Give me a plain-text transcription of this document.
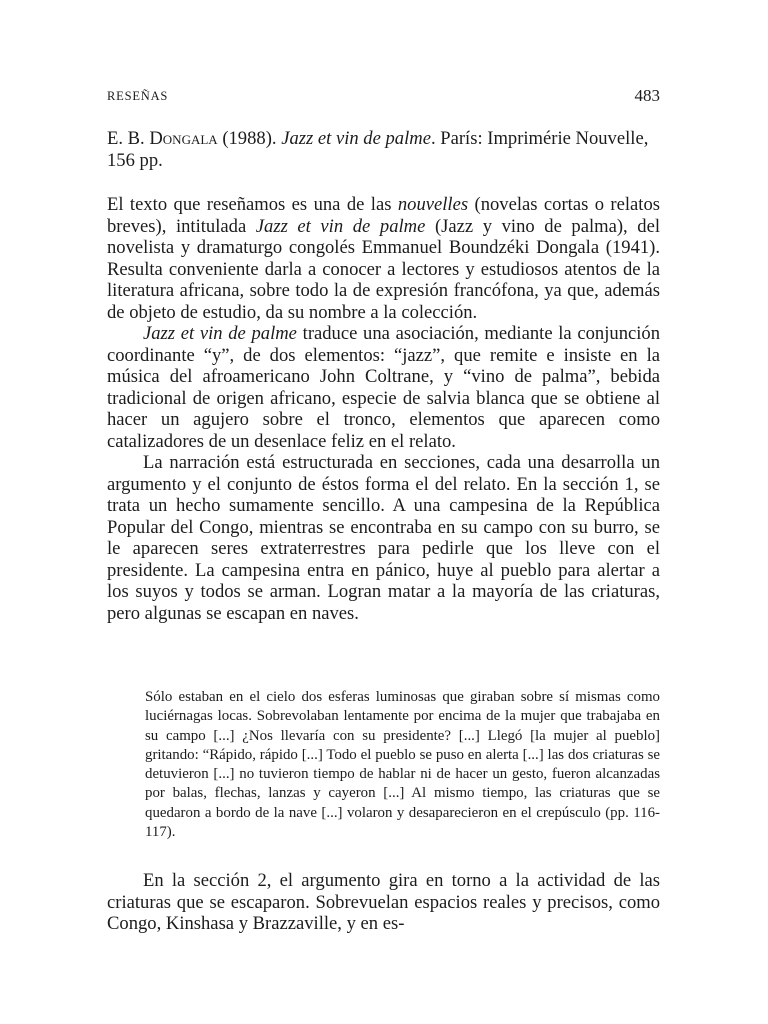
RESEÑAS	483

E. B. Dongala (1988). Jazz et vin de palme. París: Imprimérie Nouvelle, 156 pp.

El texto que reseñamos es una de las nouvelles (novelas cortas o relatos breves), intitulada Jazz et vin de palme (Jazz y vino de palma), del novelista y dramaturgo congolés Emmanuel Boundzéki Dongala (1941). Resulta conveniente darla a conocer a lectores y estudiosos atentos de la literatura africana, sobre todo la de expresión francófona, ya que, además de objeto de estudio, da su nombre a la colección.

Jazz et vin de palme traduce una asociación, mediante la conjunción coordinante “y”, de dos elementos: “jazz”, que remite e insiste en la música del afroamericano John Coltrane, y “vino de palma”, bebida tradicional de origen africano, especie de salvia blanca que se obtiene al hacer un agujero sobre el tronco, elementos que aparecen como catalizadores de un desenlace feliz en el relato.

La narración está estructurada en secciones, cada una desarrolla un argumento y el conjunto de éstos forma el del relato. En la sección 1, se trata un hecho sumamente sencillo. A una campesina de la República Popular del Congo, mientras se encontraba en su campo con su burro, se le aparecen seres extraterrestres para pedirle que los lleve con el presidente. La campesina entra en pánico, huye al pueblo para alertar a los suyos y todos se arman. Logran matar a la mayoría de las criaturas, pero algunas se escapan en naves.

Sólo estaban en el cielo dos esferas luminosas que giraban sobre sí mismas como luciérnagas locas. Sobrevolaban lentamente por encima de la mujer que trabajaba en su campo [...] ¿Nos llevaría con su presidente? [...] Llegó [la mujer al pueblo] gritando: “Rápido, rápido [...] Todo el pueblo se puso en alerta [...] las dos criaturas se detuvieron [...] no tuvieron tiempo de hablar ni de hacer un gesto, fueron alcanzadas por balas, flechas, lanzas y cayeron [...] Al mismo tiempo, las criaturas que se quedaron a bordo de la nave [...] volaron y desaparecieron en el crepúsculo (pp. 116-117).

En la sección 2, el argumento gira en torno a la actividad de las criaturas que se escaparon. Sobrevuelan espacios reales y precisos, como Congo, Kinshasa y Brazzaville, y en es-
